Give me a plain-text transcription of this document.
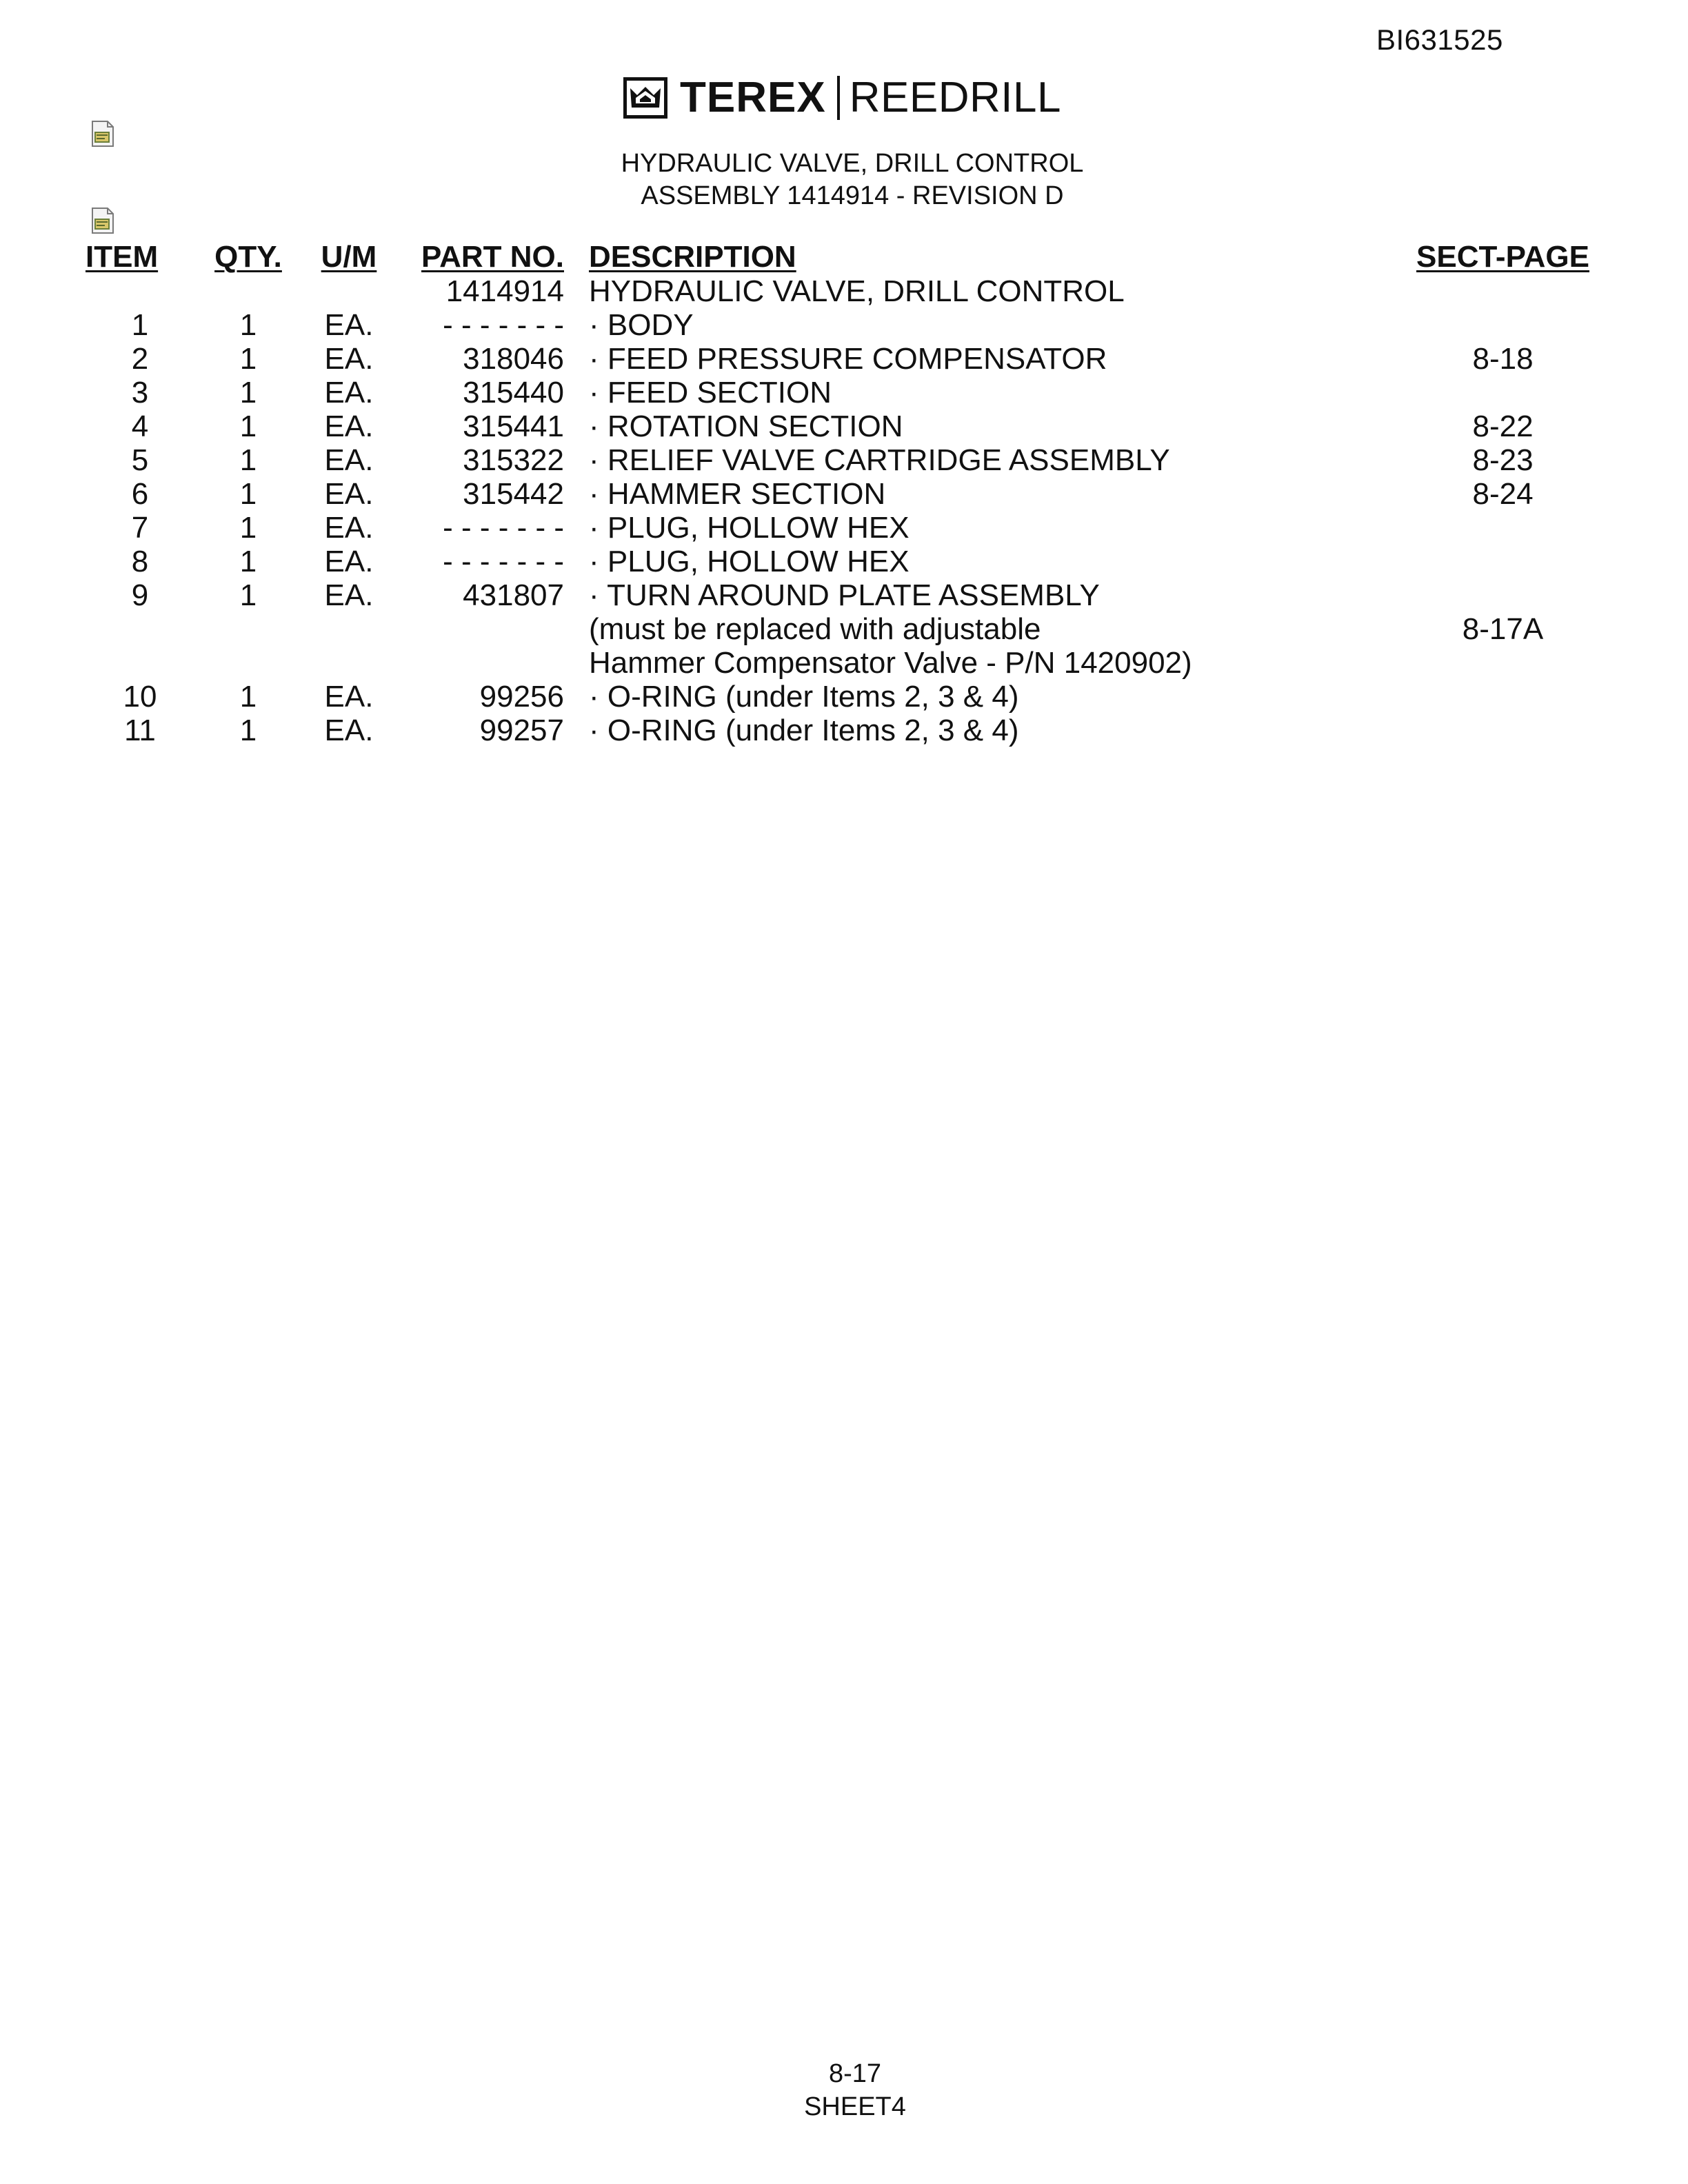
BI631525
TEREX REEDRILL
HYDRAULIC VALVE, DRILL CONTROL
ASSEMBLY 1414914 - REVISION D
ITEM	QTY.	U/M	PART NO.	DESCRIPTION	SECT-PAGE
			1414914	HYDRAULIC VALVE, DRILL CONTROL	
1	1	EA.	- - - - - - -	· BODY	
2	1	EA.	318046	· FEED PRESSURE COMPENSATOR	8-18
3	1	EA.	315440	· FEED SECTION	
4	1	EA.	315441	· ROTATION SECTION	8-22
5	1	EA.	315322	· RELIEF VALVE CARTRIDGE ASSEMBLY	8-23
6	1	EA.	315442	· HAMMER SECTION	8-24
7	1	EA.	- - - - - - -	· PLUG, HOLLOW HEX	
8	1	EA.	- - - - - - -	· PLUG, HOLLOW HEX	
9	1	EA.	431807	· TURN AROUND PLATE ASSEMBLY	
				(must be replaced with adjustable	8-17A
				Hammer Compensator Valve - P/N 1420902)	
10	1	EA.	99256	· O-RING (under Items 2, 3 & 4)	
11	1	EA.	99257	· O-RING (under Items 2, 3 & 4)	
8-17
SHEET4
